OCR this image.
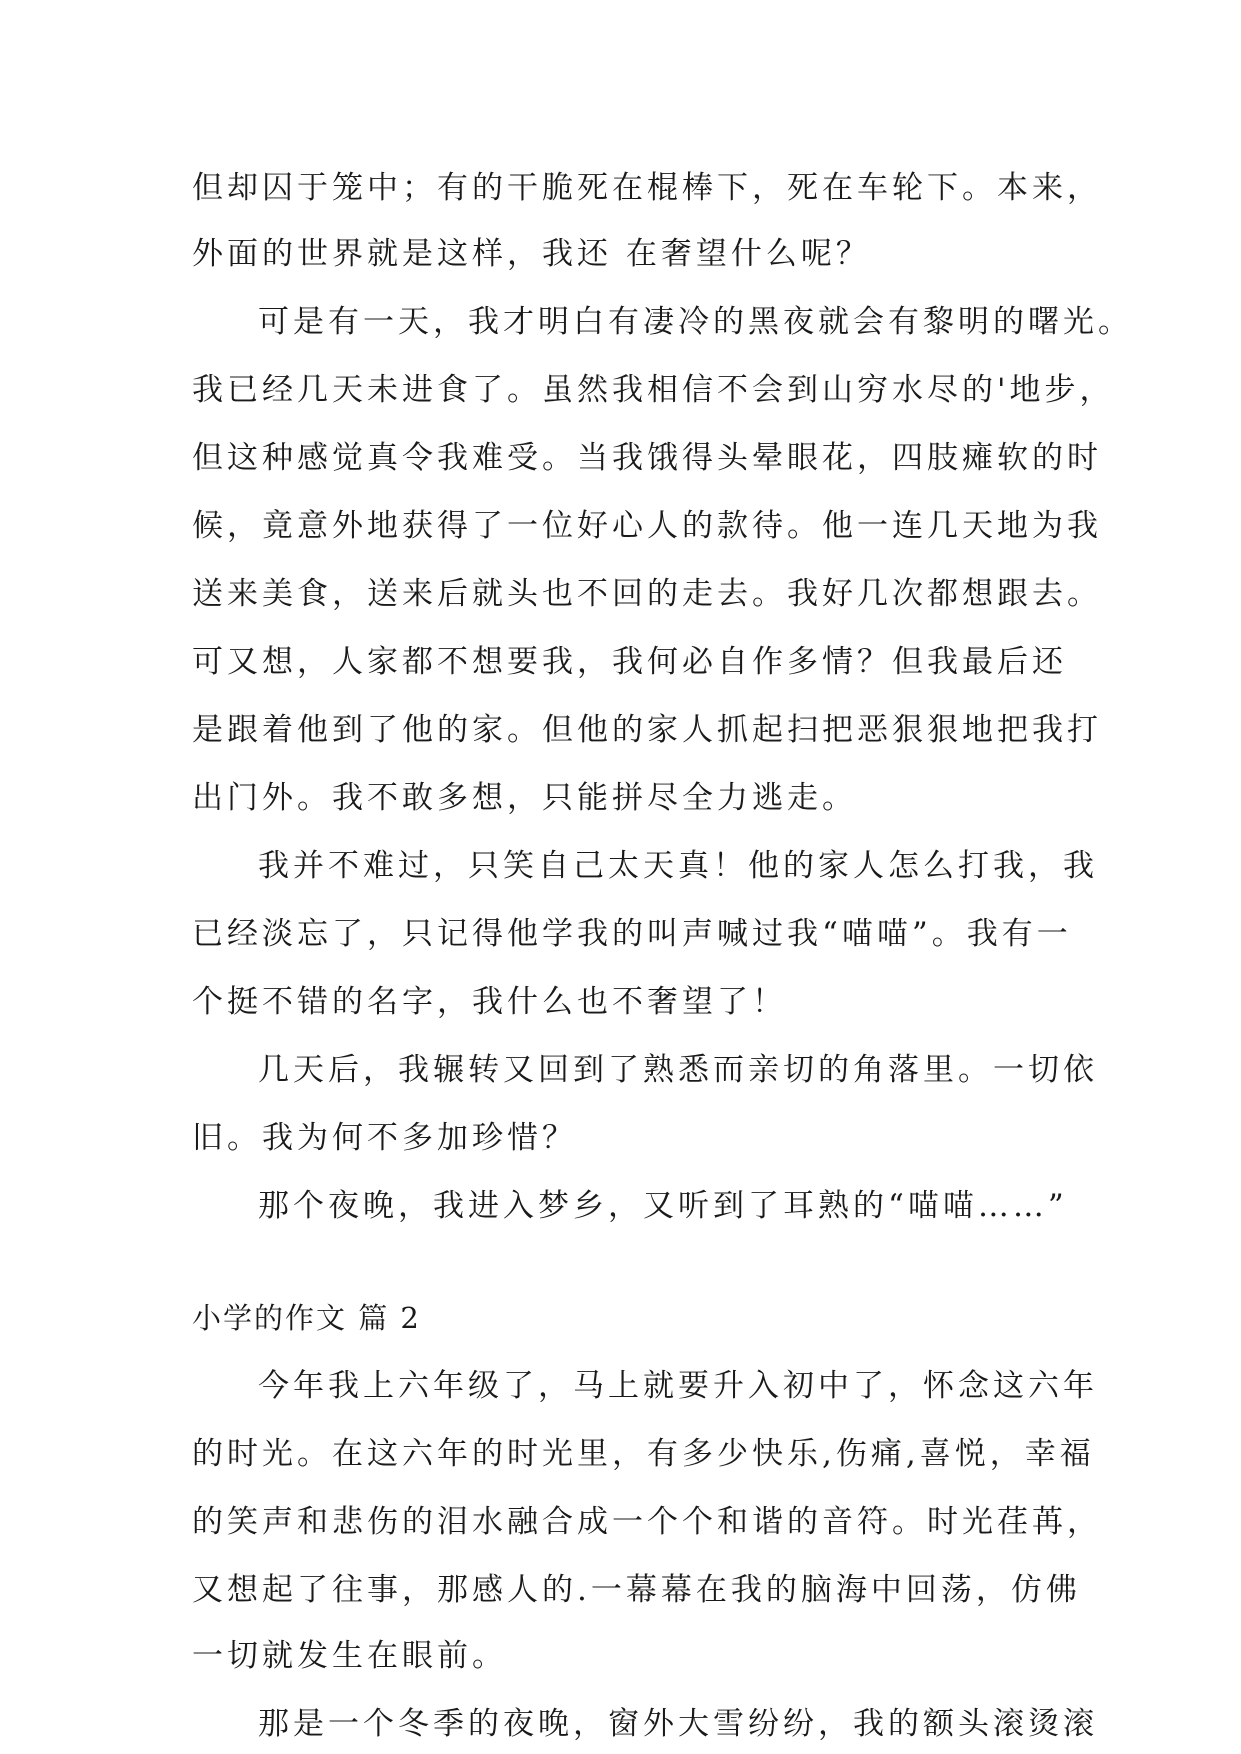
但却囚于笼中；有的干脆死在棍棒下，死在车轮下。本来，
外面的世界就是这样，我还 在奢望什么呢？
可是有一天，我才明白有凄冷的黑夜就会有黎明的曙光。
我已经几天未进食了。虽然我相信不会到山穷水尽的'地步，
但这种感觉真令我难受。当我饿得头晕眼花，四肢瘫软的时
候，竟意外地获得了一位好心人的款待。他一连几天地为我
送来美食，送来后就头也不回的走去。我好几次都想跟去。
可又想，人家都不想要我，我何必自作多情？但我最后还
是跟着他到了他的家。但他的家人抓起扫把恶狠狠地把我打
出门外。我不敢多想，只能拼尽全力逃走。
我并不难过，只笑自己太天真！他的家人怎么打我，我
已经淡忘了，只记得他学我的叫声喊过我“喵喵”。我有一
个挺不错的名字，我什么也不奢望了！
几天后，我辗转又回到了熟悉而亲切的角落里。一切依
旧。我为何不多加珍惜？
那个夜晚，我进入梦乡，又听到了耳熟的“喵喵……”
小学的作文 篇 2
今年我上六年级了，马上就要升入初中了，怀念这六年
的时光。在这六年的时光里，有多少快乐,伤痛,喜悦，幸福
的笑声和悲伤的泪水融合成一个个和谐的音符。时光荏苒，
又想起了往事，那感人的.一幕幕在我的脑海中回荡，仿佛
一切就发生在眼前。
那是一个冬季的夜晚，窗外大雪纷纷，我的额头滚烫滚
